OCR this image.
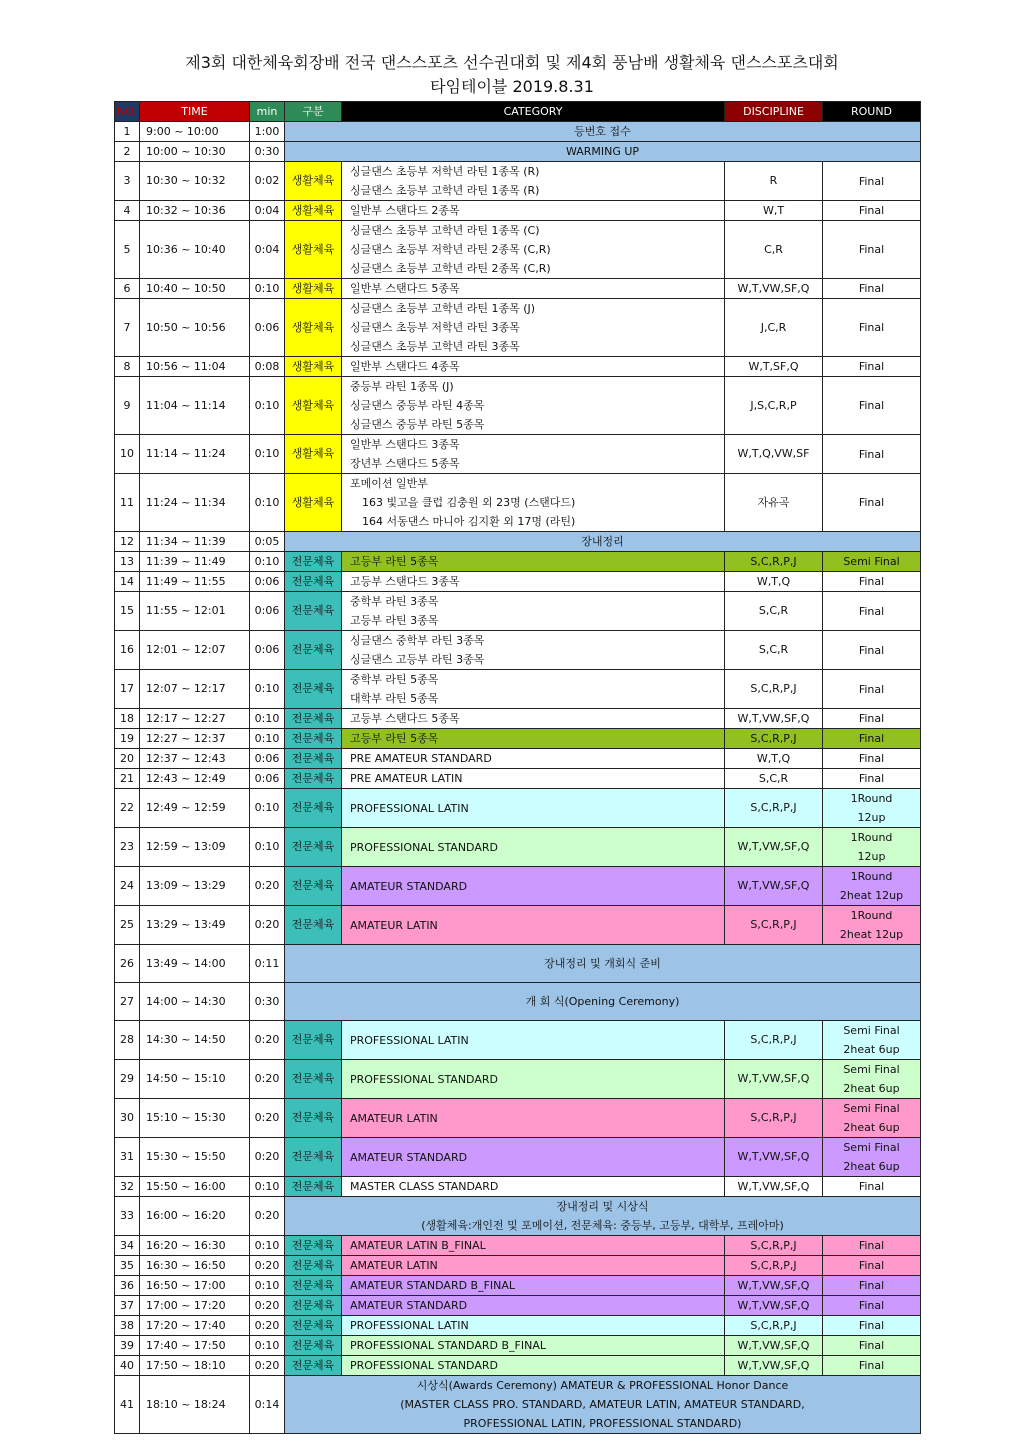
제3회 대한체육회장배 전국 댄스스포츠 선수권대회 및 제4회 풍남배 생활체육 댄스스포츠대회
타임테이블 2019.8.31
NO.	TIME	min	구분	CATEGORY	DISCIPLINE	ROUND
1	9:00 ~ 10:00	1:00	등번호 접수			

2	10:00 ~ 10:30	0:30	WARMING UP			

3	10:30 ~ 10:32	0:02	생활체육	싱글댄스 초등부 저학년 라틴 1종목 (R)
싱글댄스 초등부 고학년 라틴 1종목 (R)	R	Final

4	10:32 ~ 10:36	0:04	생활체육	일반부 스탠다드 2종목	W,T	Final

5	10:36 ~ 10:40	0:04	생활체육	싱글댄스 초등부 고학년 라틴 1종목 (C)
싱글댄스 초등부 저학년 라틴 2종목 (C,R)
싱글댄스 초등부 고학년 라틴 2종목 (C,R)	C,R	Final

6	10:40 ~ 10:50	0:10	생활체육	일반부 스탠다드 5종목	W,T,VW,SF,Q	Final

7	10:50 ~ 10:56	0:06	생활체육	싱글댄스 초등부 고학년 라틴 1종목 (J)
싱글댄스 초등부 저학년 라틴 3종목
싱글댄스 초등부 고학년 라틴 3종목	J,C,R	Final

8	10:56 ~ 11:04	0:08	생활체육	일반부 스탠다드 4종목	W,T,SF,Q	Final

9	11:04 ~ 11:14	0:10	생활체육	중등부 라틴 1종목 (J)
싱글댄스 중등부 라틴 4종목
싱글댄스 중등부 라틴 5종목	J,S,C,R,P	Final

10	11:14 ~ 11:24	0:10	생활체육	일반부 스탠다드 3종목
장년부 스탠다드 5종목	W,T,Q,VW,SF	Final

11	11:24 ~ 11:34	0:10	생활체육	포메이션 일반부
163 빛고을 클럽 김충원 외 23명 (스탠다드)
164 서동댄스 마니아 김지환 외 17명 (라틴)	자유곡	Final

12	11:34 ~ 11:39	0:05	장내정리			

13	11:39 ~ 11:49	0:10	전문체육	고등부 라틴 5종목	S,C,R,P,J	Semi Final

14	11:49 ~ 11:55	0:06	전문체육	고등부 스탠다드 3종목	W,T,Q	Final

15	11:55 ~ 12:01	0:06	전문체육	중학부 라틴 3종목
고등부 라틴 3종목	S,C,R	Final

16	12:01 ~ 12:07	0:06	전문체육	싱글댄스 중학부 라틴 3종목
싱글댄스 고등부 라틴 3종목	S,C,R	Final

17	12:07 ~ 12:17	0:10	전문체육	중학부 라틴 5종목
대학부 라틴 5종목	S,C,R,P,J	Final

18	12:17 ~ 12:27	0:10	전문체육	고등부 스탠다드 5종목	W,T,VW,SF,Q	Final

19	12:27 ~ 12:37	0:10	전문체육	고등부 라틴 5종목	S,C,R,P,J	Final

20	12:37 ~ 12:43	0:06	전문체육	PRE AMATEUR STANDARD	W,T,Q	Final

21	12:43 ~ 12:49	0:06	전문체육	PRE AMATEUR LATIN	S,C,R	Final

22	12:49 ~ 12:59	0:10	전문체육	PROFESSIONAL LATIN	S,C,R,P,J	1Round
12up

23	12:59 ~ 13:09	0:10	전문체육	PROFESSIONAL STANDARD	W,T,VW,SF,Q	1Round
12up

24	13:09 ~ 13:29	0:20	전문체육	AMATEUR STANDARD	W,T,VW,SF,Q	1Round
2heat 12up

25	13:29 ~ 13:49	0:20	전문체육	AMATEUR LATIN	S,C,R,P,J	1Round
2heat 12up

26	13:49 ~ 14:00	0:11	장내정리 및 개회식 준비			

27	14:00 ~ 14:30	0:30	개 회 식(Opening Ceremony)			

28	14:30 ~ 14:50	0:20	전문체육	PROFESSIONAL LATIN	S,C,R,P,J	Semi Final
2heat 6up

29	14:50 ~ 15:10	0:20	전문체육	PROFESSIONAL STANDARD	W,T,VW,SF,Q	Semi Final
2heat 6up

30	15:10 ~ 15:30	0:20	전문체육	AMATEUR LATIN	S,C,R,P,J	Semi Final
2heat 6up

31	15:30 ~ 15:50	0:20	전문체육	AMATEUR STANDARD	W,T,VW,SF,Q	Semi Final
2heat 6up

32	15:50 ~ 16:00	0:10	전문체육	MASTER CLASS STANDARD	W,T,VW,SF,Q	Final

33	16:00 ~ 16:20	0:20	장내정리 및 시상식
(생활체육:개인전 및 포메이션, 전문체육: 중등부, 고등부, 대학부, 프레아마)			

34	16:20 ~ 16:30	0:10	전문체육	AMATEUR LATIN B_FINAL	S,C,R,P,J	Final

35	16:30 ~ 16:50	0:20	전문체육	AMATEUR LATIN	S,C,R,P,J	Final

36	16:50 ~ 17:00	0:10	전문체육	AMATEUR STANDARD B_FINAL	W,T,VW,SF,Q	Final

37	17:00 ~ 17:20	0:20	전문체육	AMATEUR STANDARD	W,T,VW,SF,Q	Final

38	17:20 ~ 17:40	0:20	전문체육	PROFESSIONAL LATIN	S,C,R,P,J	Final

39	17:40 ~ 17:50	0:10	전문체육	PROFESSIONAL STANDARD B_FINAL	W,T,VW,SF,Q	Final

40	17:50 ~ 18:10	0:20	전문체육	PROFESSIONAL STANDARD	W,T,VW,SF,Q	Final

41	18:10 ~ 18:24	0:14	시상식(Awards Ceremony) AMATEUR & PROFESSIONAL Honor Dance
(MASTER CLASS PRO. STANDARD, AMATEUR LATIN, AMATEUR STANDARD,
PROFESSIONAL LATIN, PROFESSIONAL STANDARD)			
